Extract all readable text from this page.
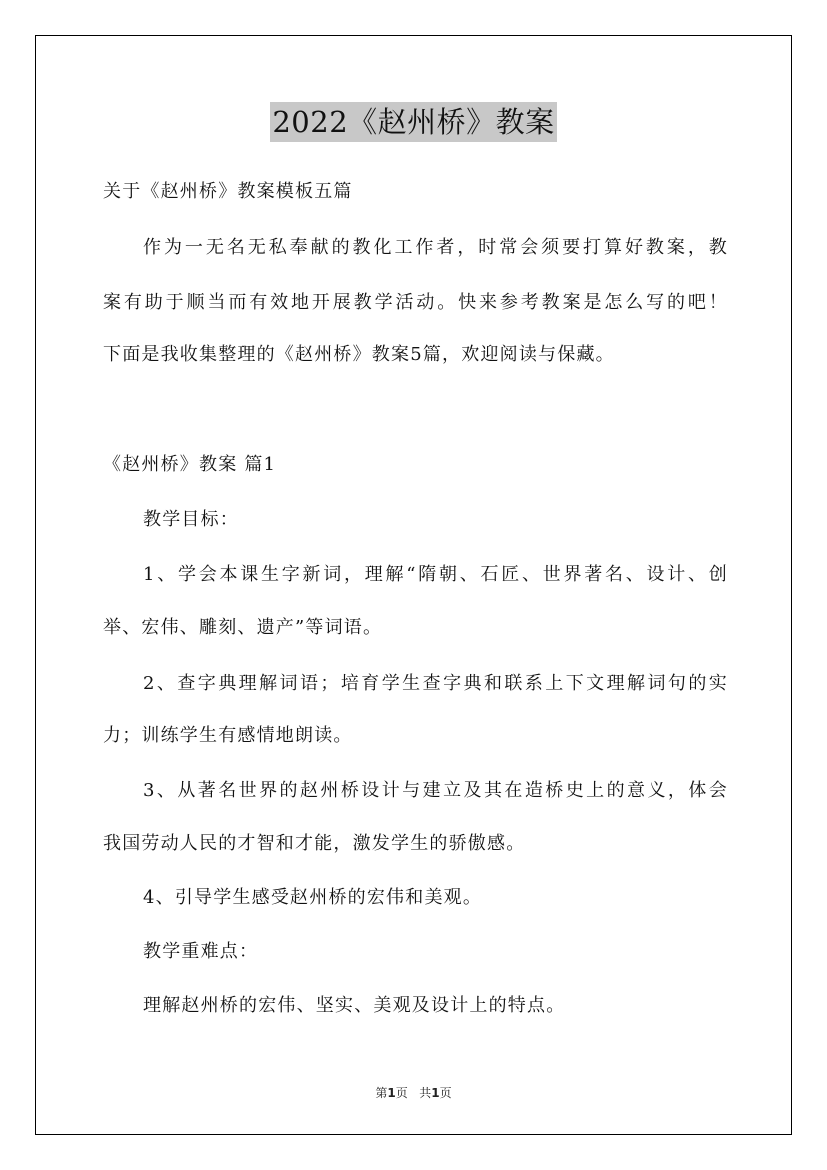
2022《赵州桥》教案
关于《赵州桥》教案模板五篇
作为一无名无私奉献的教化工作者，时常会须要打算好教案，教
案有助于顺当而有效地开展教学活动。快来参考教案是怎么写的吧！
下面是我收集整理的《赵州桥》教案5篇，欢迎阅读与保藏。
《赵州桥》教案 篇1
教学目标：
1、学会本课生字新词，理解“隋朝、石匠、世界著名、设计、创
举、宏伟、雕刻、遗产”等词语。
2、查字典理解词语；培育学生查字典和联系上下文理解词句的实
力；训练学生有感情地朗读。
3、从著名世界的赵州桥设计与建立及其在造桥史上的意义，体会
我国劳动人民的才智和才能，激发学生的骄傲感。
4、引导学生感受赵州桥的宏伟和美观。
教学重难点：
理解赵州桥的宏伟、坚实、美观及设计上的特点。
第1页 共1页
